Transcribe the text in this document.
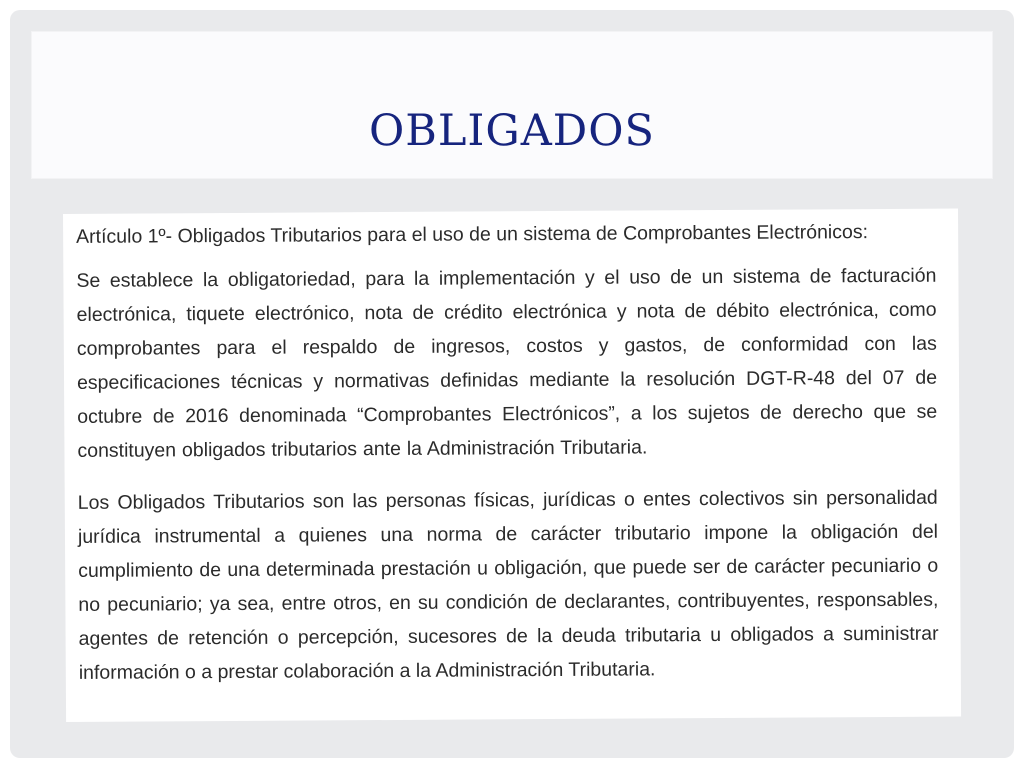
OBLIGADOS

Artículo 1º- Obligados Tributarios para el uso de un sistema de Comprobantes Electrónicos:

Se establece la obligatoriedad, para la implementación y el uso de un sistema de facturación electrónica, tiquete electrónico, nota de crédito electrónica y nota de débito electrónica, como comprobantes para el respaldo de ingresos, costos y gastos, de conformidad con las especificaciones técnicas y normativas definidas mediante la resolución DGT-R-48 del 07 de octubre de 2016 denominada “Comprobantes Electrónicos”, a los sujetos de derecho que se constituyen obligados tributarios ante la Administración Tributaria.

Los Obligados Tributarios son las personas físicas, jurídicas o entes colectivos sin personalidad jurídica instrumental a quienes una norma de carácter tributario impone la obligación del cumplimiento de una determinada prestación u obligación, que puede ser de carácter pecuniario o no pecuniario; ya sea, entre otros, en su condición de declarantes, contribuyentes, responsables, agentes de retención o percepción, sucesores de la deuda tributaria u obligados a suministrar información o a prestar colaboración a la Administración Tributaria.
